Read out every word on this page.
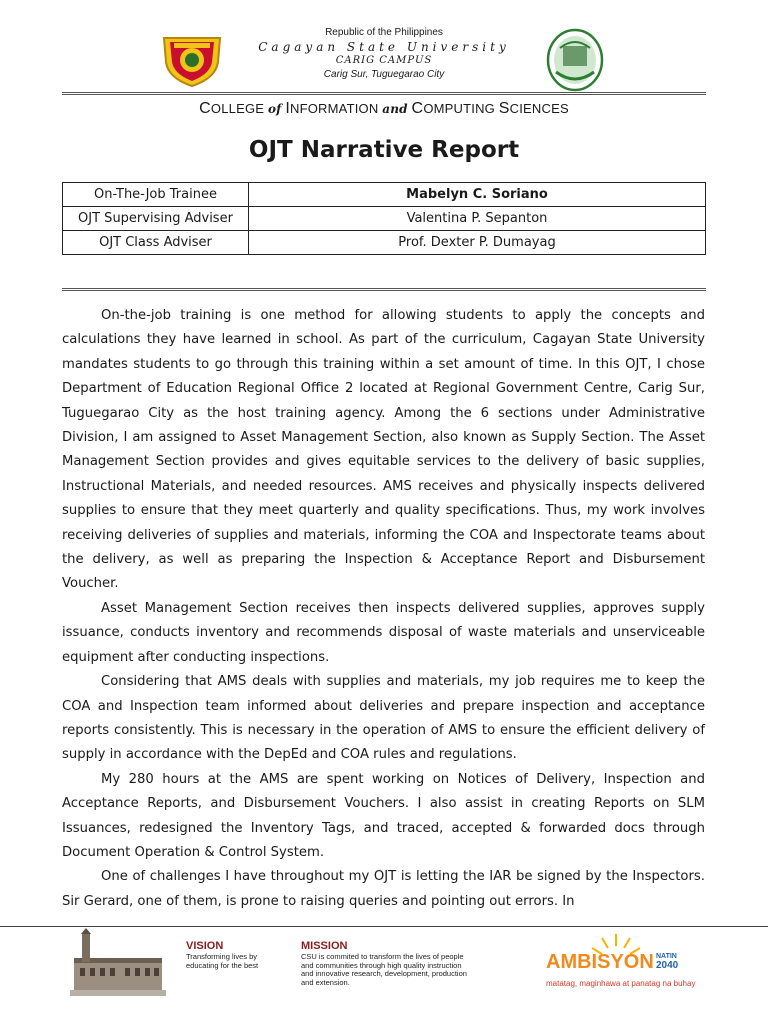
Republic of the Philippines
Cagayan State University
CARIG CAMPUS
Carig Sur, Tuguegarao City
COLLEGE of INFORMATION and COMPUTING SCIENCES
OJT Narrative Report
On-The-Job Trainee	Mabelyn C. Soriano
OJT Supervising Adviser	Valentina P. Sepanton
OJT Class Adviser	Prof. Dexter P. Dumayag

On-the-job training is one method for allowing students to apply the concepts and calculations they have learned in school. As part of the curriculum, Cagayan State University mandates students to go through this training within a set amount of time. In this OJT, I chose Department of Education Regional Office 2 located at Regional Government Centre, Carig Sur, Tuguegarao City as the host training agency. Among the 6 sections under Administrative Division, I am assigned to Asset Management Section, also known as Supply Section. The Asset Management Section provides and gives equitable services to the delivery of basic supplies, Instructional Materials, and needed resources. AMS receives and physically inspects delivered supplies to ensure that they meet quarterly and quality specifications. Thus, my work involves receiving deliveries of supplies and materials, informing the COA and Inspectorate teams about the delivery, as well as preparing the Inspection & Acceptance Report and Disbursement Voucher.

Asset Management Section receives then inspects delivered supplies, approves supply issuance, conducts inventory and recommends disposal of waste materials and unserviceable equipment after conducting inspections.

Considering that AMS deals with supplies and materials, my job requires me to keep the COA and Inspection team informed about deliveries and prepare inspection and acceptance reports consistently. This is necessary in the operation of AMS to ensure the efficient delivery of supply in accordance with the DepEd and COA rules and regulations.

My 280 hours at the AMS are spent working on Notices of Delivery, Inspection and Acceptance Reports, and Disbursement Vouchers. I also assist in creating Reports on SLM Issuances, redesigned the Inventory Tags, and traced, accepted & forwarded docs through Document Operation & Control System.

One of challenges I have throughout my OJT is letting the IAR be signed by the Inspectors. Sir Gerard, one of them, is prone to raising queries and pointing out errors. In

VISION
Transforming lives by educating for the best
MISSION
CSU is commited to transform the lives of people and communities through high quality instruction and innovative research, development, production and extension.
AMBISYON NATIN
2040
matatag, maginhawa at panatag na buhay
